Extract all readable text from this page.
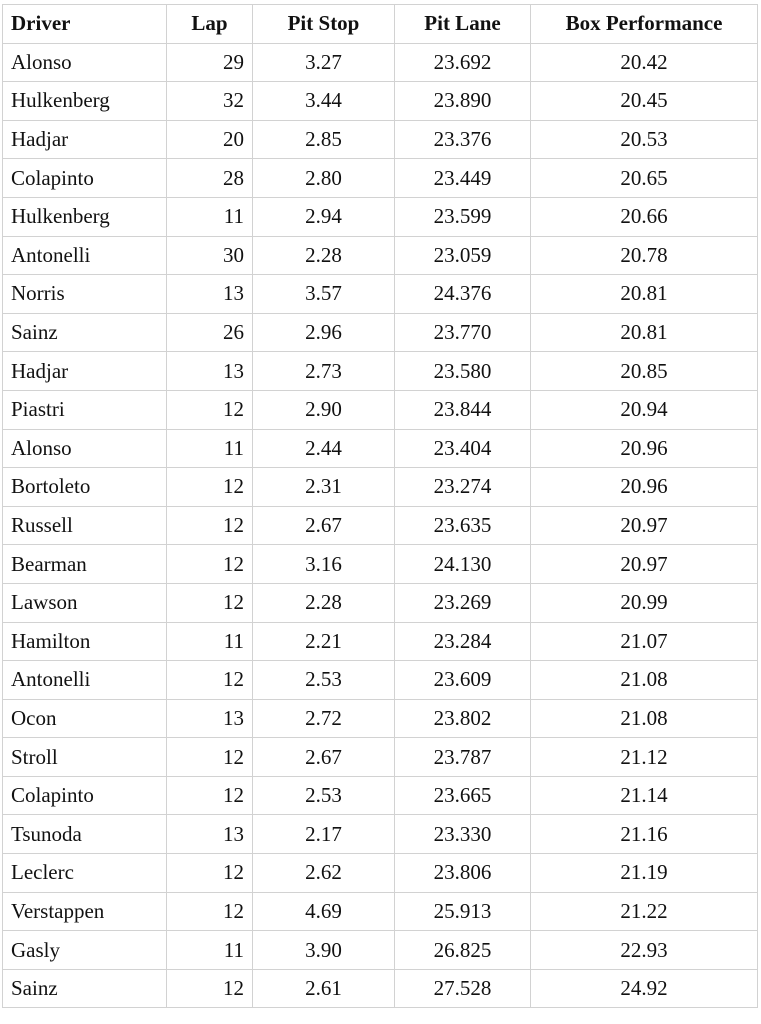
Driver	Lap	Pit Stop	Pit Lane	Box Performance
Alonso	29	3.27	23.692	20.42
Hulkenberg	32	3.44	23.890	20.45
Hadjar	20	2.85	23.376	20.53
Colapinto	28	2.80	23.449	20.65
Hulkenberg	11	2.94	23.599	20.66
Antonelli	30	2.28	23.059	20.78
Norris	13	3.57	24.376	20.81
Sainz	26	2.96	23.770	20.81
Hadjar	13	2.73	23.580	20.85
Piastri	12	2.90	23.844	20.94
Alonso	11	2.44	23.404	20.96
Bortoleto	12	2.31	23.274	20.96
Russell	12	2.67	23.635	20.97
Bearman	12	3.16	24.130	20.97
Lawson	12	2.28	23.269	20.99
Hamilton	11	2.21	23.284	21.07
Antonelli	12	2.53	23.609	21.08
Ocon	13	2.72	23.802	21.08
Stroll	12	2.67	23.787	21.12
Colapinto	12	2.53	23.665	21.14
Tsunoda	13	2.17	23.330	21.16
Leclerc	12	2.62	23.806	21.19
Verstappen	12	4.69	25.913	21.22
Gasly	11	3.90	26.825	22.93
Sainz	12	2.61	27.528	24.92
